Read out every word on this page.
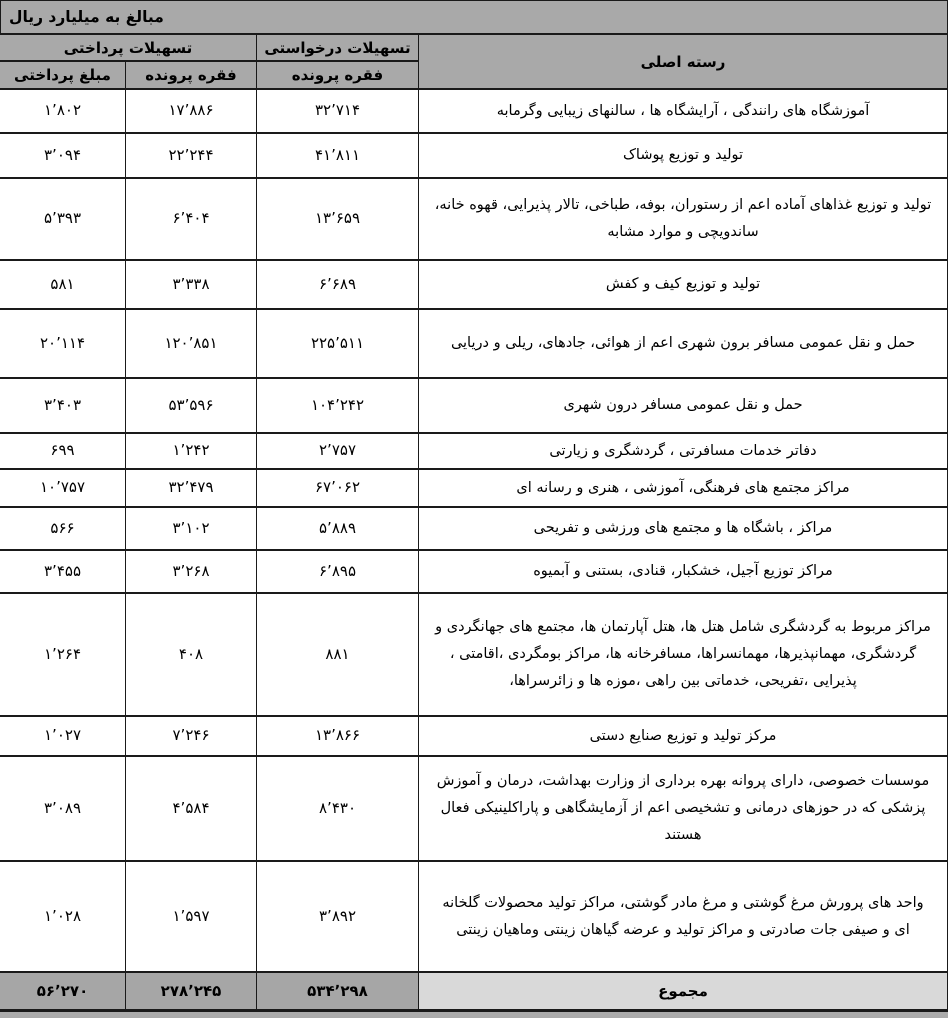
مبالغ به میلیارد ریال
رسته اصلی	تسهیلات درخواستی	تسهیلات پرداختی	
	فقره پرونده	فقره پرونده	مبلغ پرداختی
آموزشگاه های رانندگی ، آرایشگاه ها ، سالنهای زیبایی وگرمابه	۳۲٬۷۱۴	۱۷٬۸۸۶	۱٬۸۰۲
تولید و توزیع پوشاک	۴۱٬۸۱۱	۲۲٬۲۴۴	۳٬۰۹۴
تولید و توزیع غذاهای آماده اعم از رستوران، بوفه، طباخی، تالار پذیرایی، قهوه خانه، ساندویچی و موارد مشابه	۱۳٬۶۵۹	۶٬۴۰۴	۵٬۳۹۳
تولید و توزیع کیف و کفش	۶٬۶۸۹	۳٬۳۳۸	۵۸۱
حمل و نقل عمومی مسافر برون شهری اعم از هوائی، جادهای، ریلی و دریایی	۲۲۵٬۵۱۱	۱۲۰٬۸۵۱	۲۰٬۱۱۴
حمل و نقل عمومی مسافر درون شهری	۱۰۴٬۲۴۲	۵۳٬۵۹۶	۳٬۴۰۳
دفاتر خدمات مسافرتی ، گردشگری و زیارتی	۲٬۷۵۷	۱٬۲۴۲	۶۹۹
مراکز مجتمع های فرهنگی، آموزشی ، هنری و رسانه ای	۶۷٬۰۶۲	۳۲٬۴۷۹	۱۰٬۷۵۷
مراکز ، باشگاه ها و مجتمع های ورزشی و تفریحی	۵٬۸۸۹	۳٬۱۰۲	۵۶۶
مراکز توزیع آجیل، خشکبار، قنادی، بستنی و آبمیوه	۶٬۸۹۵	۳٬۲۶۸	۳٬۴۵۵
مراکز مربوط به گردشگری شامل هتل ها، هتل آپارتمان ها، مجتمع های جهانگردی و گردشگری، مهمانپذیرها، مهمانسراها، مسافرخانه ها، مراکز بومگردی ،اقامتی ، پذیرایی ،تفریحی، خدماتی بین راهی ،موزه ها و زائرسراها،	۸۸۱	۴۰۸	۱٬۲۶۴
مرکز تولید و توزیع صنایع دستی	۱۳٬۸۶۶	۷٬۲۴۶	۱٬۰۲۷
موسسات خصوصی، دارای پروانه بهره برداری از وزارت بهداشت، درمان و آموزش پزشکی که در حوزهای درمانی و تشخیصی اعم از آزمایشگاهی و پاراکلینیکی فعال هستند	۸٬۴۳۰	۴٬۵۸۴	۳٬۰۸۹
واحد های پرورش مرغ گوشتی و مرغ مادر گوشتی، مراکز تولید محصولات گلخانه ای و صیفی جات صادرتی و مراکز تولید و عرضه گیاهان زینتی وماهیان زینتی	۳٬۸۹۲	۱٬۵۹۷	۱٬۰۲۸
مجموع	۵۳۴٬۲۹۸	۲۷۸٬۲۴۵	۵۶٬۲۷۰
